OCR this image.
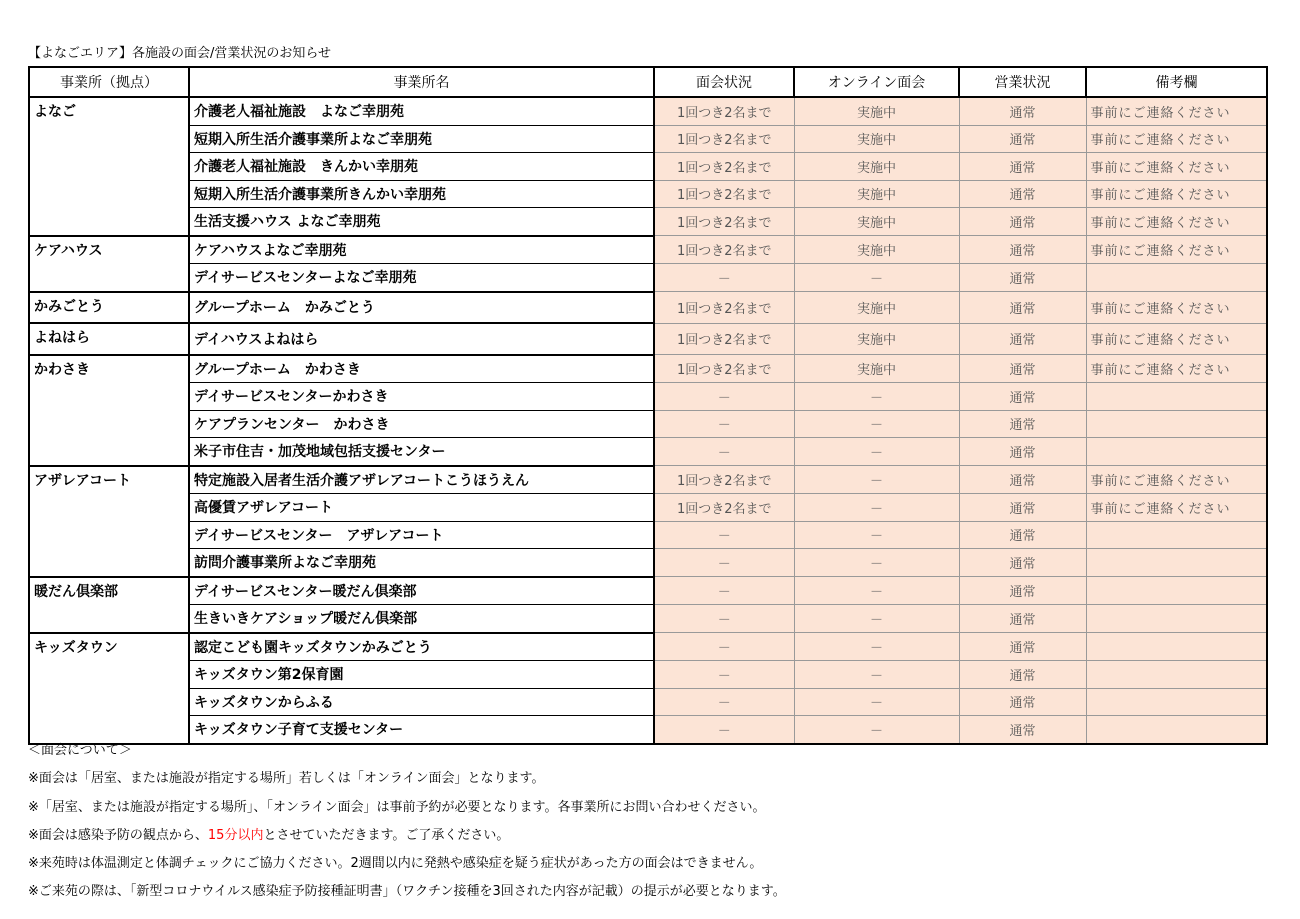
【よなごエリア】各施設の面会/営業状況のお知らせ
事業所（拠点）	事業所名	面会状況	オンライン面会	営業状況	備考欄
よなご	介護老人福祉施設　よなご幸朋苑	1回つき2名まで	実施中	通常	事前にご連絡ください
	短期入所生活介護事業所よなご幸朋苑	1回つき2名まで	実施中	通常	事前にご連絡ください
	介護老人福祉施設　きんかい幸朋苑	1回つき2名まで	実施中	通常	事前にご連絡ください
	短期入所生活介護事業所きんかい幸朋苑	1回つき2名まで	実施中	通常	事前にご連絡ください
	生活支援ハウス よなご幸朋苑	1回つき2名まで	実施中	通常	事前にご連絡ください
ケアハウス	ケアハウスよなご幸朋苑	1回つき2名まで	実施中	通常	事前にご連絡ください
	デイサービスセンターよなご幸朋苑	－	－	通常	
かみごとう	グループホーム　かみごとう	1回つき2名まで	実施中	通常	事前にご連絡ください
よねはら	デイハウスよねはら	1回つき2名まで	実施中	通常	事前にご連絡ください
かわさき	グループホーム　かわさき	1回つき2名まで	実施中	通常	事前にご連絡ください
	デイサービスセンターかわさき	－	－	通常	
	ケアプランセンター　かわさき	－	－	通常	
	米子市住吉・加茂地域包括支援センター	－	－	通常	
アザレアコート	特定施設入居者生活介護アザレアコートこうほうえん	1回つき2名まで	－	通常	事前にご連絡ください
	高優賃アザレアコート	1回つき2名まで	－	通常	事前にご連絡ください
	デイサービスセンター　アザレアコート	－	－	通常	
	訪問介護事業所よなご幸朋苑	－	－	通常	
暖だん倶楽部	デイサービスセンター暖だん倶楽部	－	－	通常	
	生きいきケアショップ暖だん倶楽部	－	－	通常	
キッズタウン	認定こども園キッズタウンかみごとう	－	－	通常	
	キッズタウン第2保育園	－	－	通常	
	キッズタウンからふる	－	－	通常	
	キッズタウン子育て支援センター	－	－	通常	
＜面会について＞
※面会は「居室、または施設が指定する場所」若しくは「オンライン面会」となります。
※「居室、または施設が指定する場所」、「オンライン面会」は事前予約が必要となります。各事業所にお問い合わせください。
※面会は感染予防の観点から、15分以内とさせていただきます。ご了承ください。
※来苑時は体温測定と体調チェックにご協力ください。2週間以内に発熱や感染症を疑う症状があった方の面会はできません。
※ご来苑の際は、「新型コロナウイルス感染症予防接種証明書」（ワクチン接種を3回された内容が記載）の提示が必要となります。
